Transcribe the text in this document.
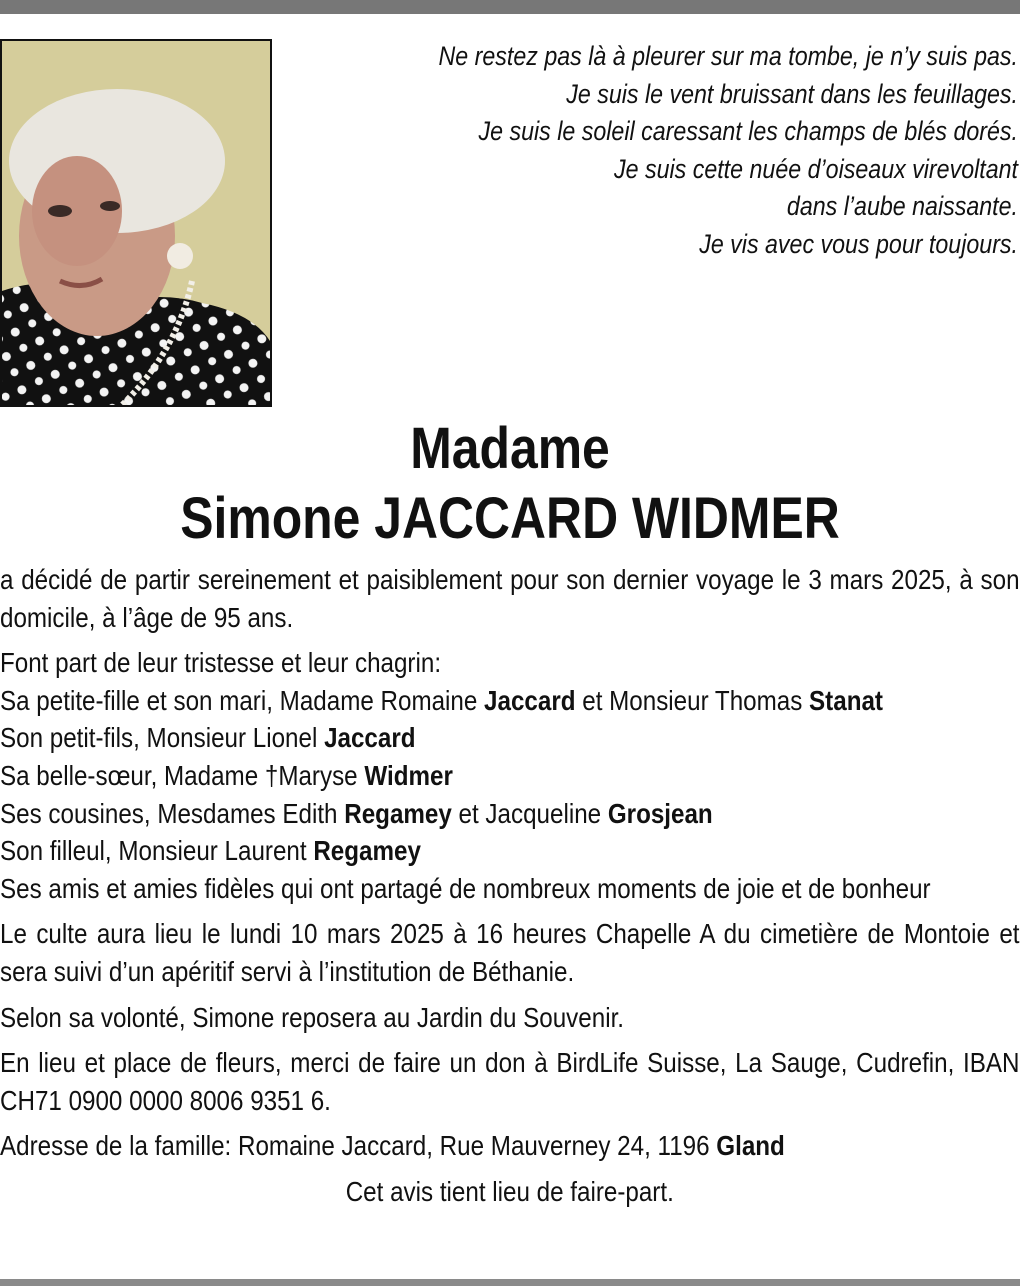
Ne restez pas là à pleurer sur ma tombe, je n’y suis pas.
Je suis le vent bruissant dans les feuillages.
Je suis le soleil caressant les champs de blés dorés.
Je suis cette nuée d’oiseaux virevoltant
dans l’aube naissante.
Je vis avec vous pour toujours.
Madame
Simone JACCARD WIDMER

a décidé de partir sereinement et paisiblement pour son dernier voyage le 3 mars 2025, à son domicile, à l’âge de 95 ans.

Font part de leur tristesse et leur chagrin:
Sa petite-fille et son mari, Madame Romaine Jaccard et Monsieur Thomas Stanat
Son petit-fils, Monsieur Lionel Jaccard
Sa belle-sœur, Madame †Maryse Widmer
Ses cousines, Mesdames Edith Regamey et Jacqueline Grosjean
Son filleul, Monsieur Laurent Regamey

Ses amis et amies fidèles qui ont partagé de nombreux moments de joie et de bonheur

Le culte aura lieu le lundi 10 mars 2025 à 16 heures Chapelle A du cimetière de Montoie et sera suivi d’un apéritif servi à l’institution de Béthanie.

Selon sa volonté, Simone reposera au Jardin du Souvenir.

En lieu et place de fleurs, merci de faire un don à BirdLife Suisse, La Sauge, Cudrefin, IBAN CH71 0900 0000 8006 9351 6.

Adresse de la famille: Romaine Jaccard, Rue Mauverney 24, 1196 Gland

Cet avis tient lieu de faire-part.
